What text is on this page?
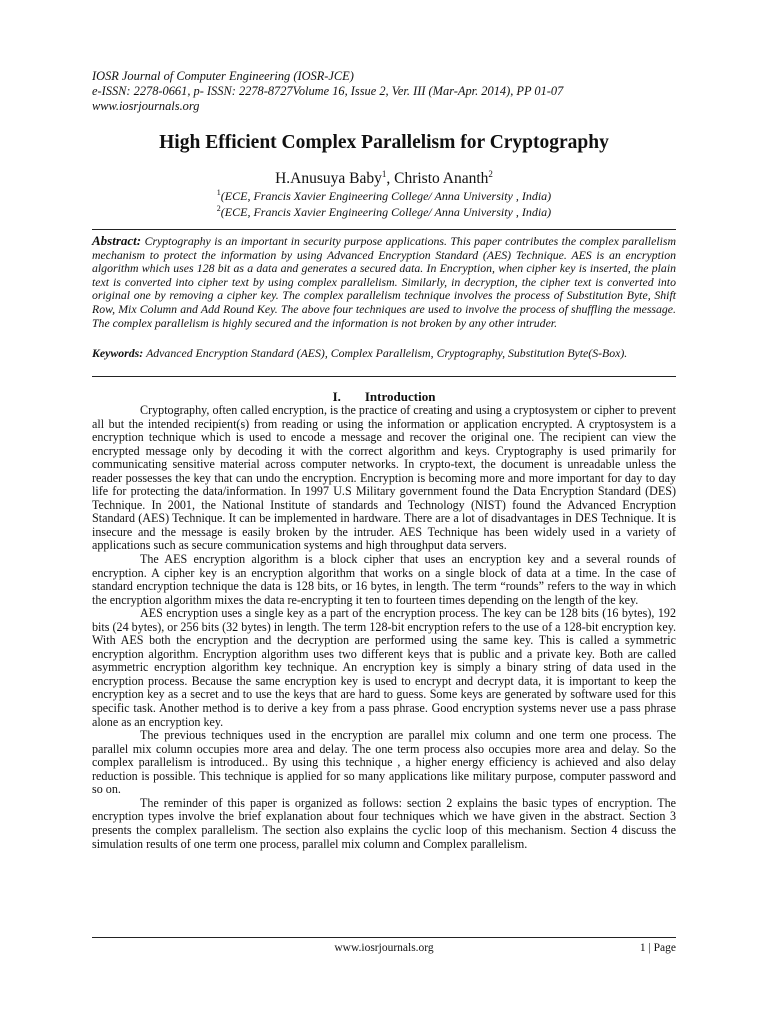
IOSR Journal of Computer Engineering (IOSR-JCE)
e-ISSN: 2278-0661, p- ISSN: 2278-8727Volume 16, Issue 2, Ver. III (Mar-Apr. 2014), PP 01-07
www.iosrjournals.org
High Efficient Complex Parallelism for Cryptography
H.Anusuya Baby$^1$, Christo Ananth$^2$
$^1$(ECE, Francis Xavier Engineering College/ Anna University , India)
$^2$(ECE, Francis Xavier Engineering College/ Anna University , India)
Abstract: Cryptography is an important in security purpose applications. This paper contributes the complex parallelism mechanism to protect the information by using Advanced Encryption Standard (AES) Technique. AES is an encryption algorithm which uses 128 bit as a data and generates a secured data. In Encryption, when cipher key is inserted, the plain text is converted into cipher text by using complex parallelism. Similarly, in decryption, the cipher text is converted into original one by removing a cipher key. The complex parallelism technique involves the process of Substitution Byte, Shift Row, Mix Column and Add Round Key. The above four techniques are used to involve the process of shuffling the message. The complex parallelism is highly secured and the information is not broken by any other intruder.
Keywords: Advanced Encryption Standard (AES), Complex Parallelism, Cryptography, Substitution Byte(S-Box).
I. Introduction

Cryptography, often called encryption, is the practice of creating and using a cryptosystem or cipher to prevent all but the intended recipient(s) from reading or using the information or application encrypted. A cryptosystem is a encryption technique which is used to encode a message and recover the original one. The recipient can view the encrypted message only by decoding it with the correct algorithm and keys. Cryptography is used primarily for communicating sensitive material across computer networks. In crypto-text, the document is unreadable unless the reader possesses the key that can undo the encryption. Encryption is becoming more and more important for day to day life for protecting the data/information. In 1997 U.S Military government found the Data Encryption Standard (DES) Technique. In 2001, the National Institute of standards and Technology (NIST) found the Advanced Encryption Standard (AES) Technique. It can be implemented in hardware. There are a lot of disadvantages in DES Technique. It is insecure and the message is easily broken by the intruder. AES Technique has been widely used in a variety of applications such as secure communication systems and high throughput data servers.

The AES encryption algorithm is a block cipher that uses an encryption key and a several rounds of encryption. A cipher key is an encryption algorithm that works on a single block of data at a time. In the case of standard encryption technique the data is 128 bits, or 16 bytes, in length. The term “rounds” refers to the way in which the encryption algorithm mixes the data re-encrypting it ten to fourteen times depending on the length of the key.

AES encryption uses a single key as a part of the encryption process. The key can be 128 bits (16 bytes), 192 bits (24 bytes), or 256 bits (32 bytes) in length. The term 128-bit encryption refers to the use of a 128-bit encryption key. With AES both the encryption and the decryption are performed using the same key. This is called a symmetric encryption algorithm. Encryption algorithm uses two different keys that is public and a private key. Both are called asymmetric encryption algorithm key technique. An encryption key is simply a binary string of data used in the encryption process. Because the same encryption key is used to encrypt and decrypt data, it is important to keep the encryption key as a secret and to use the keys that are hard to guess. Some keys are generated by software used for this specific task. Another method is to derive a key from a pass phrase. Good encryption systems never use a pass phrase alone as an encryption key.

The previous techniques used in the encryption are parallel mix column and one term one process. The parallel mix column occupies more area and delay. The one term process also occupies more area and delay. So the complex parallelism is introduced.. By using this technique , a higher energy efficiency is achieved and also delay reduction is possible. This technique is applied for so many applications like military purpose, computer password and so on.

The reminder of this paper is organized as follows: section 2 explains the basic types of encryption. The encryption types involve the brief explanation about four techniques which we have given in the abstract. Section 3 presents the complex parallelism. The section also explains the cyclic loop of this mechanism. Section 4 discuss the simulation results of one term one process, parallel mix column and Complex parallelism.

www.iosrjournals.org	1 | Page
